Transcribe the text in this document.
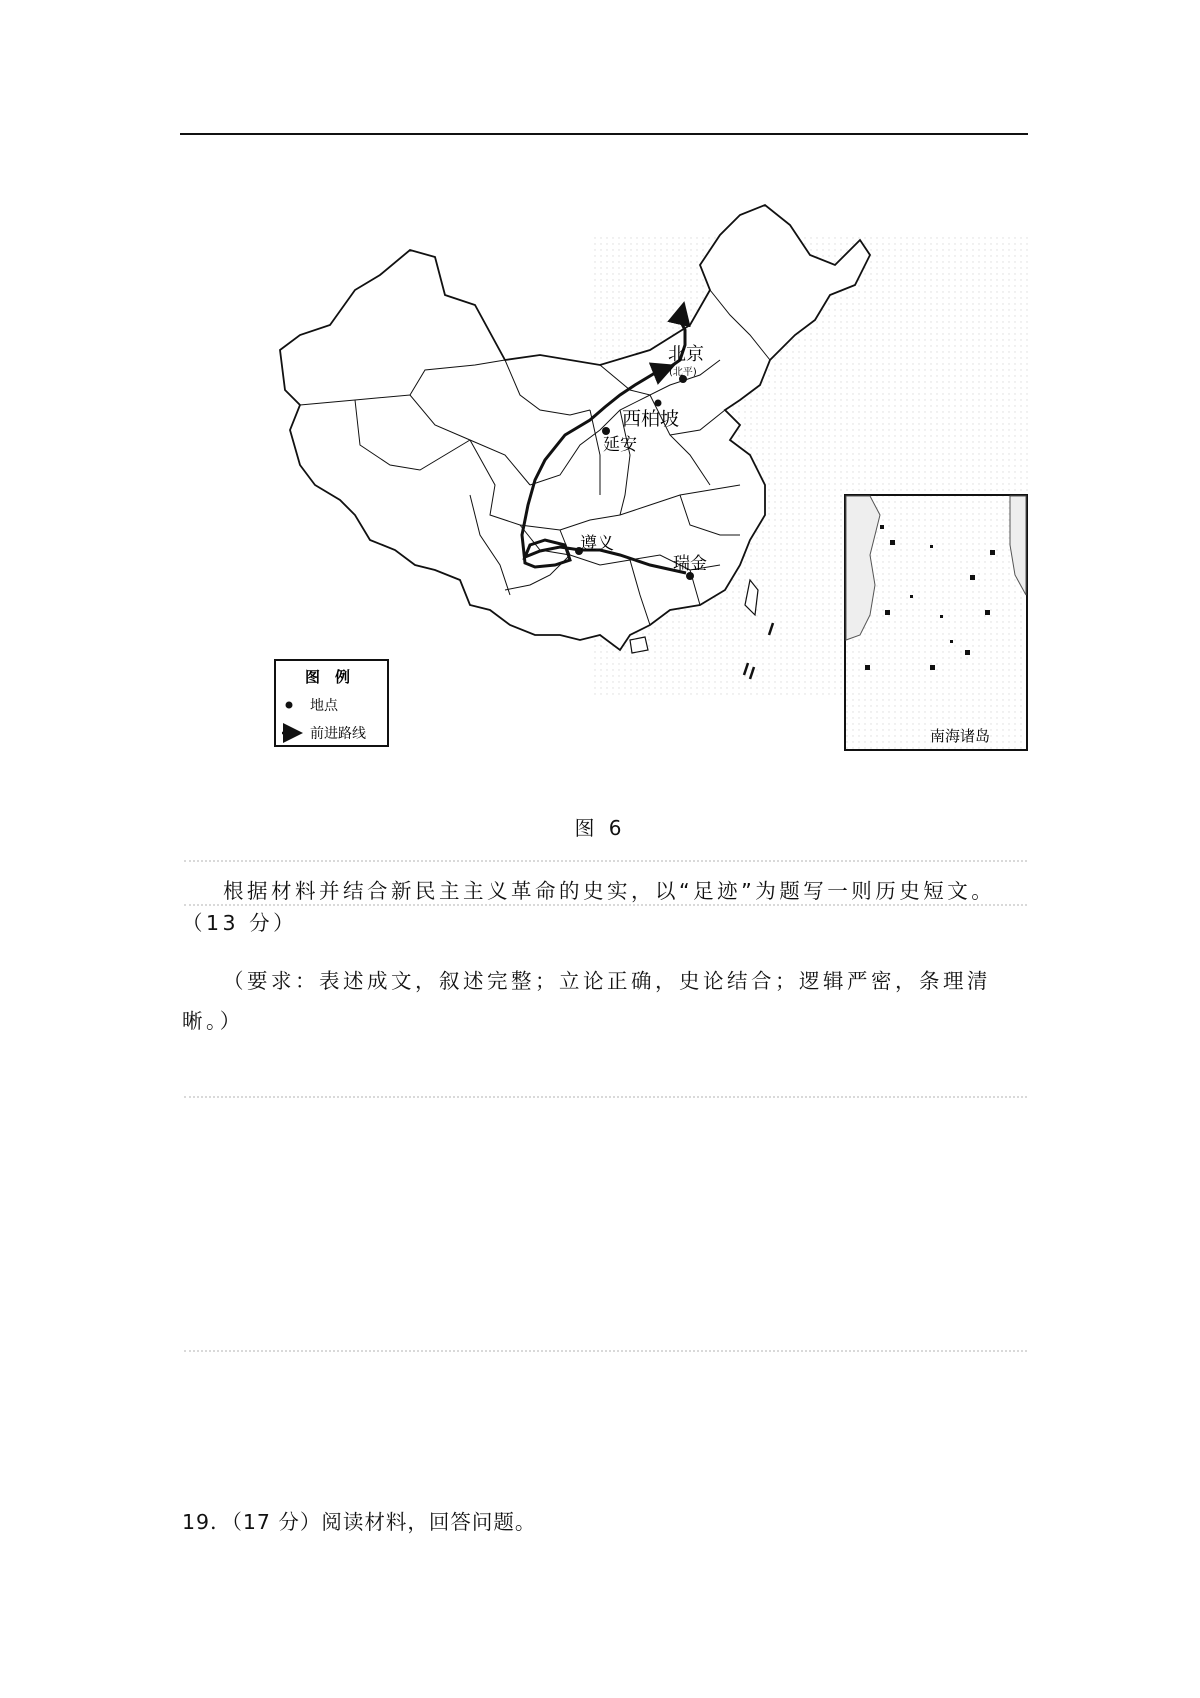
北京
(北平)
西柏坡
延安
遵义
瑞金
图　例
地点
前进路线	南海诸岛
图 6
根据材料并结合新民主主义革命的史实，以“足迹”为题写一则历史短文。
（13 分）
（要求：表述成文，叙述完整；立论正确，史论结合；逻辑严密，条理清
晰。）
19．（17 分）阅读材料，回答问题。
